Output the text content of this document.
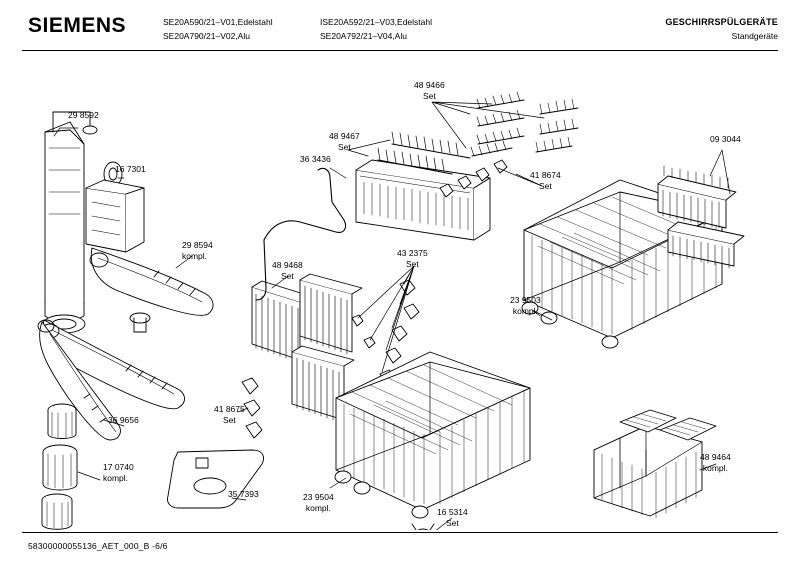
SIEMENS	SE20A590/21–V01,Edelstahl
SE20A790/21–V02,Alu
ISE20A592/21–V03,Edelstahl
SE20A792/21–V04,Alu
GESCHIRRSPÜLGERÄTE
Standgeräte
58300000055136_AET_000_B -6/6
29 8592
16 7301
29 8594
kompl.
36 9656
17 0740
kompl.
35 7393
48 9468
Set
41 8675
Set
36 3436
48 9467
Set
48 9466
Set
43 2375
Set
23 9504
kompl.	16 5314
Set
41 8674
Set
23 9503
kompl.
09 3044
48 9464
kompl.
